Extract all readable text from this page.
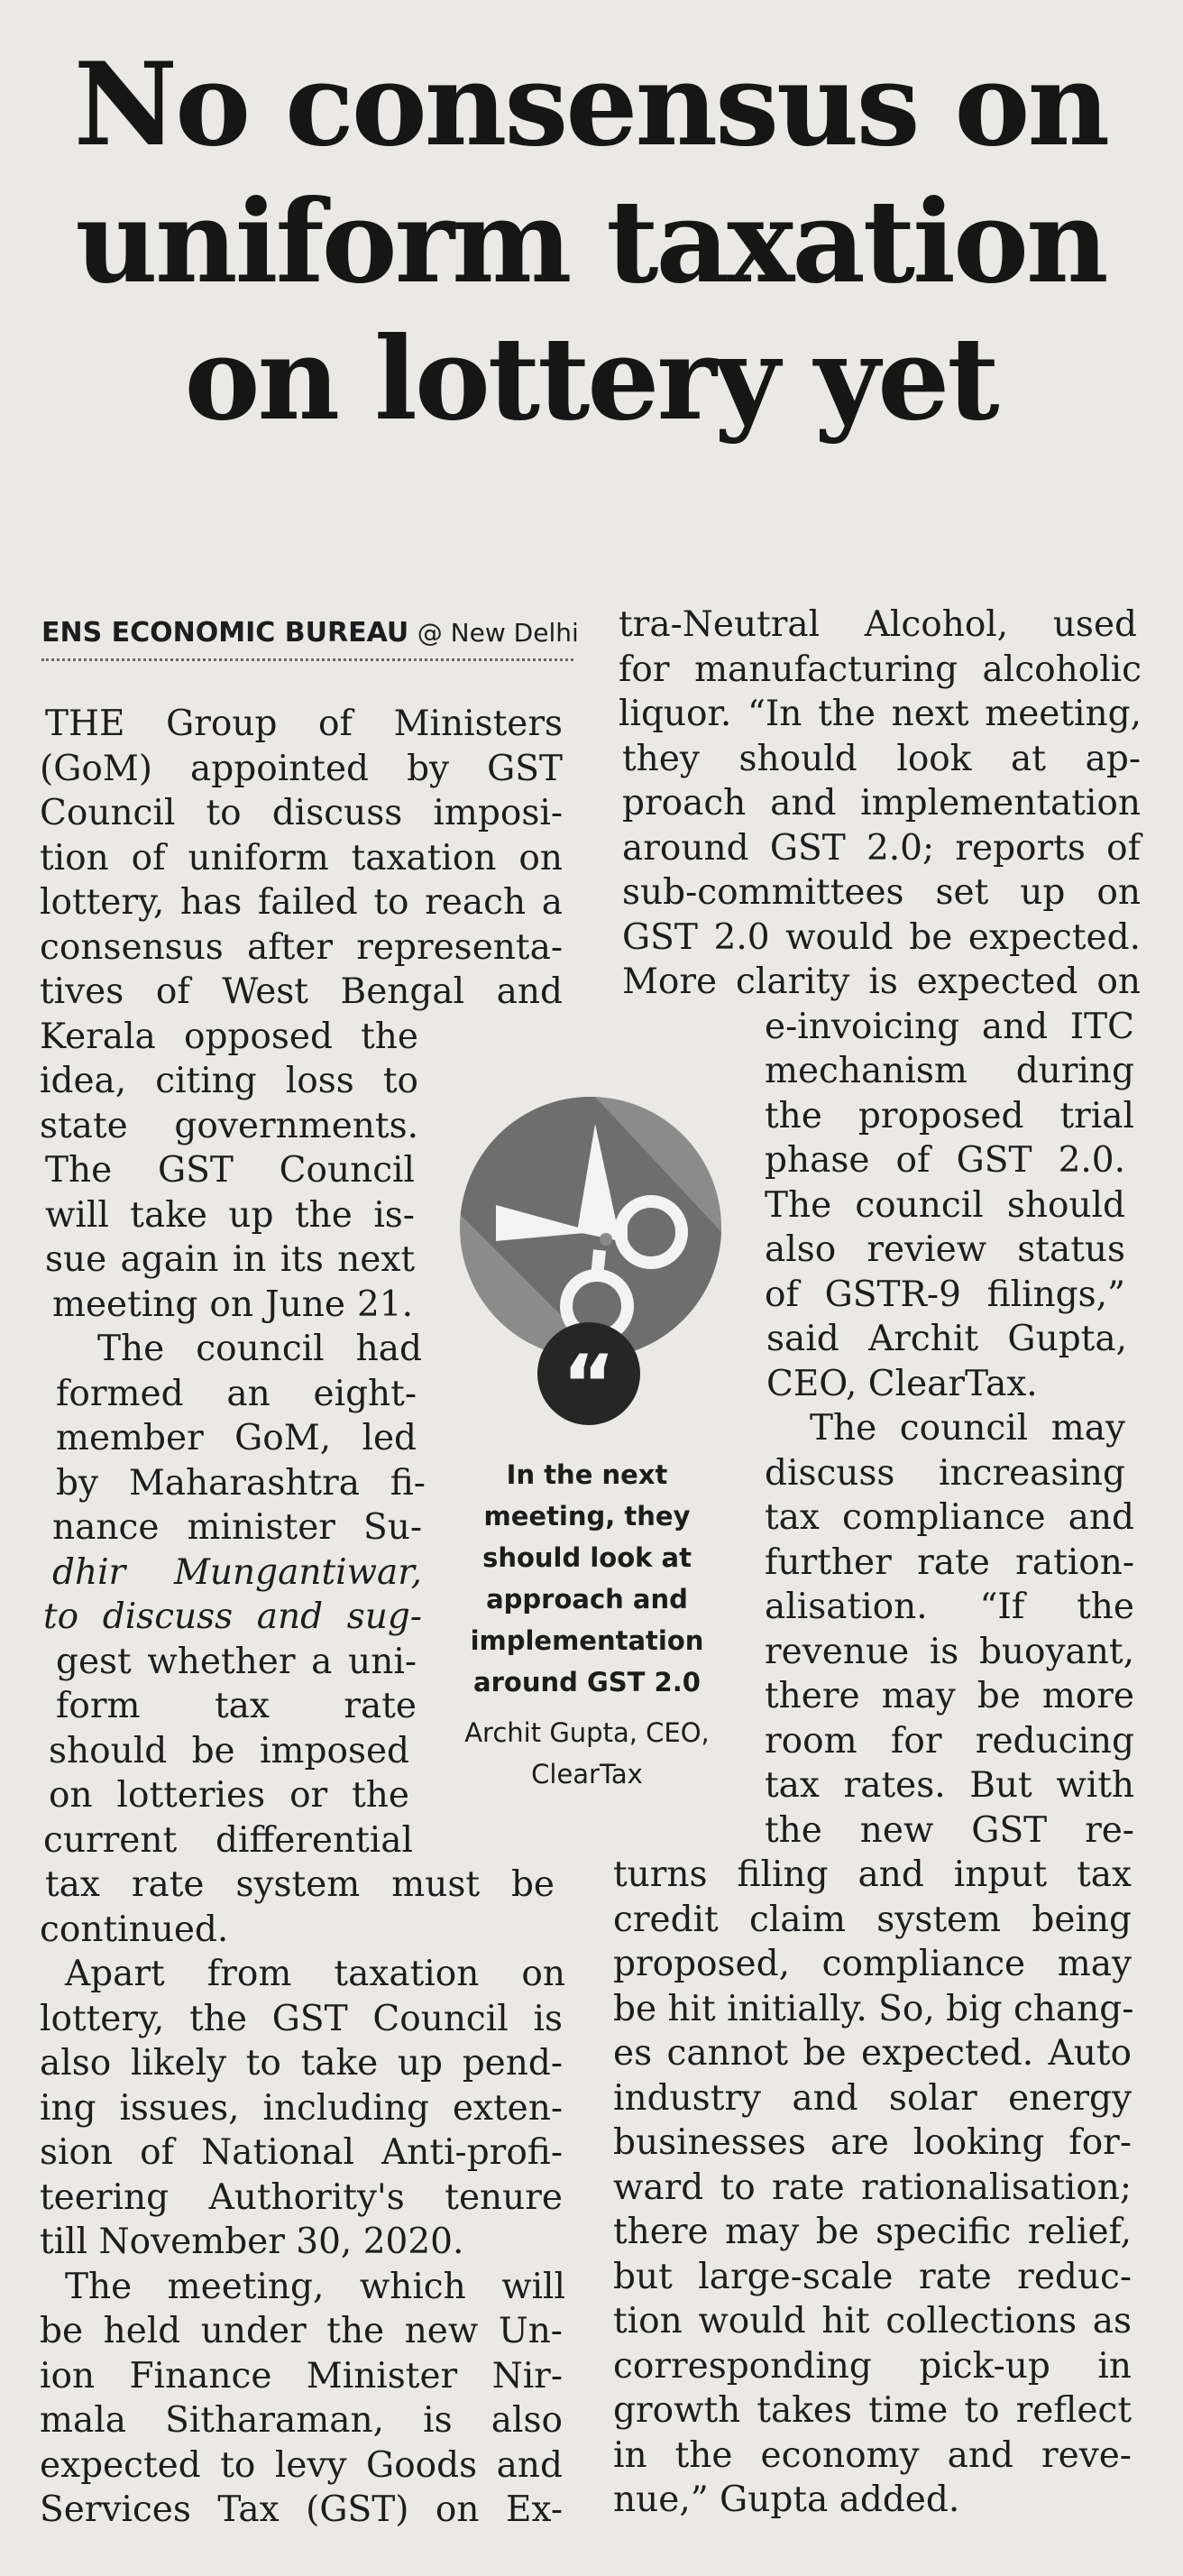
No consensus on
uniform taxation
on lottery yet
ENS ECONOMIC BUREAU @ New Delhi
THE Group of Ministers
(GoM) appointed by GST
Council to discuss imposi-
tion of uniform taxation on
lottery, has failed to reach a
consensus after representa-
tives of West Bengal and
Kerala opposed the
idea, citing loss to
state governments.
The GST Council
will take up the is-
sue again in its next
meeting on June 21.
The council had
formed an eight-
member GoM, led
by Maharashtra fi-
nance minister Su-
dhir Mungantiwar,
to discuss and sug-
gest whether a uni-
form tax rate
should be imposed
on lotteries or the
current differential
tax rate system must be
continued.
Apart from taxation on
lottery, the GST Council is
also likely to take up pend-
ing issues, including exten-
sion of National Anti-profi-
teering Authority's tenure
till November 30, 2020.
The meeting, which will
be held under the new Un-
ion Finance Minister Nir-
mala Sitharaman, is also
expected to levy Goods and
Services Tax (GST) on Ex-
tra-Neutral Alcohol, used
for manufacturing alcoholic
liquor. “In the next meeting,
they should look at ap-
proach and implementation
around GST 2.0; reports of
sub-committees set up on
GST 2.0 would be expected.
More clarity is expected on
e-invoicing and ITC
mechanism during
the proposed trial
phase of GST 2.0.
The council should
also review status
of GSTR-9 filings,”
said Archit Gupta,
CEO, ClearTax.
The council may
discuss increasing
tax compliance and
further rate ration-
alisation. “If the
revenue is buoyant,
there may be more
room for reducing
tax rates. But with
the new GST re-
turns filing and input tax
credit claim system being
proposed, compliance may
be hit initially. So, big chang-
es cannot be expected. Auto
industry and solar energy
businesses are looking for-
ward to rate rationalisation;
there may be specific relief,
but large-scale rate reduc-
tion would hit collections as
corresponding pick-up in
growth takes time to reflect
in the economy and reve-
nue,” Gupta added.
“
In the next
meeting, they
should look at
approach and
implementation
around GST 2.0
Archit Gupta, CEO,
ClearTax
